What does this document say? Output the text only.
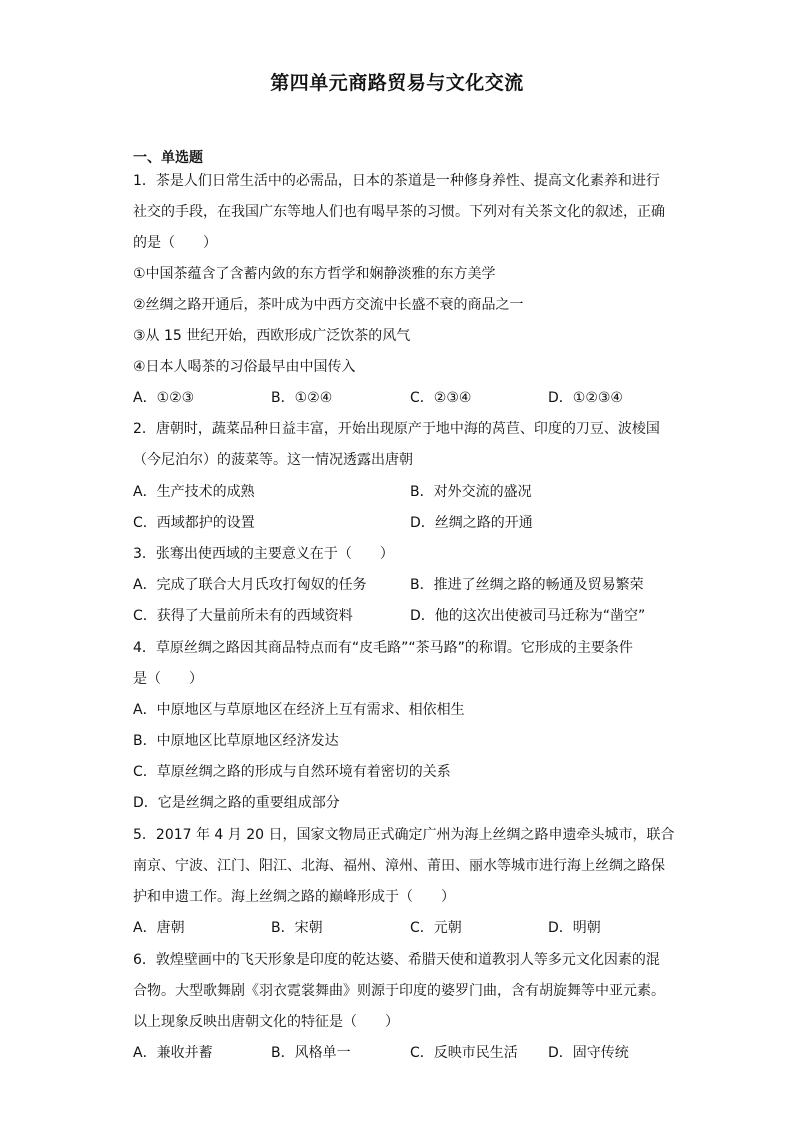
第四单元商路贸易与文化交流
一、单选题
1．茶是人们日常生活中的必需品，日本的茶道是一种修身养性、提高文化素养和进行
社交的手段，在我国广东等地人们也有喝早茶的习惯。下列对有关茶文化的叙述，正确
的是（　　）
①中国茶蕴含了含蓄内敛的东方哲学和娴静淡雅的东方美学
②丝绸之路开通后，茶叶成为中西方交流中长盛不衰的商品之一
③从 15 世纪开始，西欧形成广泛饮茶的风气
④日本人喝茶的习俗最早由中国传入
A．①②③	B．①②④	C．②③④	D．①②③④
2．唐朝时，蔬菜品种日益丰富，开始出现原产于地中海的莴苣、印度的刀豆、波棱国
（今尼泊尔）的菠菜等。这一情况透露出唐朝
A．生产技术的成熟	B．对外交流的盛况
C．西域都护的设置	D．丝绸之路的开通
3．张骞出使西域的主要意义在于（　　）
A．完成了联合大月氏攻打匈奴的任务	B．推进了丝绸之路的畅通及贸易繁荣
C．获得了大量前所未有的西域资料	D．他的这次出使被司马迁称为“凿空”
4．草原丝绸之路因其商品特点而有“皮毛路”“茶马路”的称谓。它形成的主要条件
是（　　）
A．中原地区与草原地区在经济上互有需求、相依相生
B．中原地区比草原地区经济发达
C．草原丝绸之路的形成与自然环境有着密切的关系
D．它是丝绸之路的重要组成部分
5．2017 年 4 月 20 日，国家文物局正式确定广州为海上丝绸之路申遗牵头城市，联合
南京、宁波、江门、阳江、北海、福州、漳州、莆田、丽水等城市进行海上丝绸之路保
护和申遗工作。海上丝绸之路的巅峰形成于（　　）
A．唐朝	B．宋朝	C．元朝	D．明朝
6．敦煌壁画中的飞天形象是印度的乾达婆、希腊天使和道教羽人等多元文化因素的混
合物。大型歌舞剧《羽衣霓裳舞曲》则源于印度的婆罗门曲，含有胡旋舞等中亚元素。
以上现象反映出唐朝文化的特征是（　　）
A．兼收并蓄	B．风格单一	C．反映市民生活 D．固守传统
